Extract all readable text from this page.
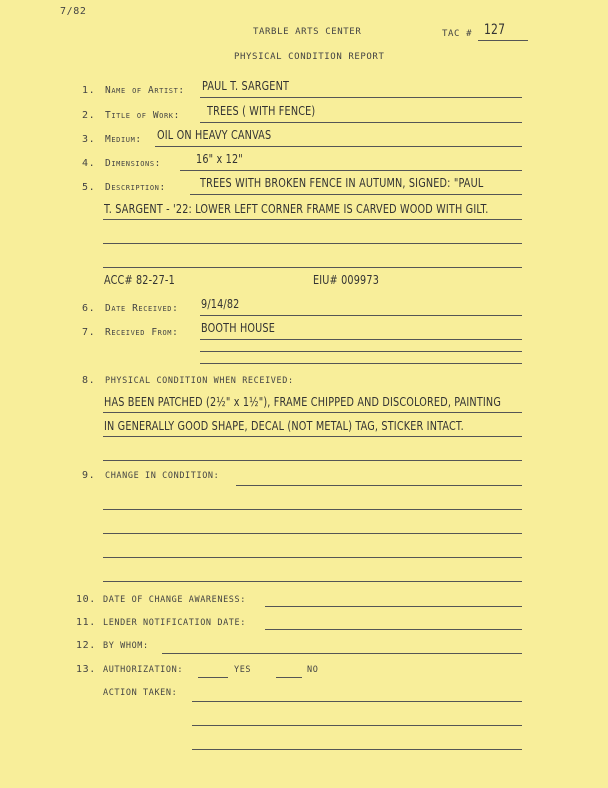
7/82
TARBLE ARTS CENTER	TAC # 127
PHYSICAL CONDITION REPORT
1. Name of Artist: PAUL T. SARGENT
2. Title of Work: TREES ( WITH FENCE)
3. Medium: OIL ON HEAVY CANVAS
4. Dimensions:	16" x 12"
5. Description:	TREES WITH BROKEN FENCE IN AUTUMN, SIGNED: "PAUL
T. SARGENT - '22: LOWER LEFT CORNER FRAME IS CARVED WOOD WITH GILT.
ACC# 82-27-1	EIU# 009973
6. Date Received: 9/14/82
7. Received From: BOOTH HOUSE
8. PHYSICAL CONDITION WHEN RECEIVED:
HAS BEEN PATCHED (2½" x 1½"), FRAME CHIPPED AND DISCOLORED, PAINTING
IN GENERALLY GOOD SHAPE, DECAL (NOT METAL) TAG, STICKER INTACT.
9. CHANGE IN CONDITION:
10. DATE OF CHANGE AWARENESS:
11. LENDER NOTIFICATION DATE:
12. BY WHOM:
13. AUTHORIZATION:	YES	NO
ACTION TAKEN:
